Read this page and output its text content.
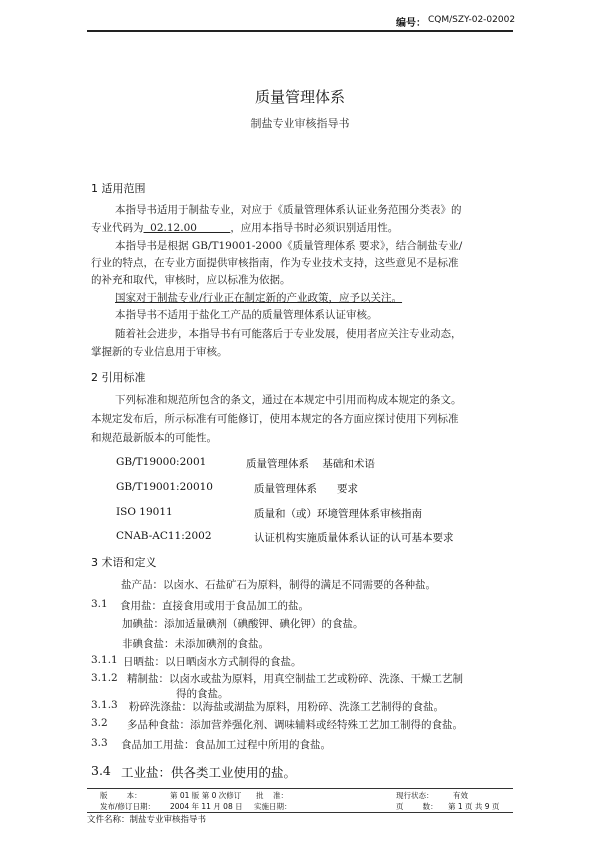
编号： CQM/SZY-02-02002
质量管理体系
制盐专业审核指导书
1 适用范围
本指导书适用于制盐专业，对应于《质量管理体系认证业务范围分类表》的
专业代码为  02.12.00          ，应用本指导书时必须识别适用性。
本指导书是根据 GB/T19001-2000《质量管理体系 要求》，结合制盐专业/
行业的特点，在专业方面提供审核指南，作为专业技术支持，这些意见不是标准
的补充和取代，审核时，应以标准为依据。
国家对于制盐专业/行业正在制定新的产业政策，应予以关注。
本指导书不适用于盐化工产品的质量管理体系认证审核。
随着社会进步，本指导书有可能落后于专业发展，使用者应关注专业动态，
掌握新的专业信息用于审核。
2 引用标准
下列标准和规范所包含的条文，通过在本规定中引用而构成本规定的条文。
本规定发布后，所示标准有可能修订，使用本规定的各方面应探讨使用下列标准
和规范最新版本的可能性。
GB/T19000:2001	质量管理体系    基础和术语
GB/T19001:20010	质量管理体系      要求
ISO 19011	质量和（或）环境管理体系审核指南
CNAB-AC11:2002	认证机构实施质量体系认证的认可基本要求
3 术语和定义
盐产品：以卤水、石盐矿石为原料，制得的满足不同需要的各种盐。
3.1 食用盐：直接食用或用于食品加工的盐。
加碘盐：添加适量碘剂（碘酸钾、碘化钾）的食盐。
非碘食盐：未添加碘剂的食盐。
3.1.1 日晒盐：以日晒卤水方式制得的食盐。
3.1.2 精制盐：以卤水或盐为原料，用真空制盐工艺或粉碎、洗涤、干燥工艺制
得的食盐。
3.1.3 粉碎洗涤盐：以海盐或湖盐为原料，用粉碎、洗涤工艺制得的食盐。
3.2 多品种食盐：添加营养强化剂、调味辅料或经特殊工艺加工制得的食盐。
3.3 食品加工用盐：食品加工过程中所用的食盐。
3.4 工业盐：供各类工业使用的盐。
版        本：	第 01 版 第 0 次修订 批    准：	现行状态：	有效
发布/修订日期： 2004 年 11 月 08 日 实施日期：	页        数： 第 1 页 共 9 页
文件名称：制盐专业审核指导书
